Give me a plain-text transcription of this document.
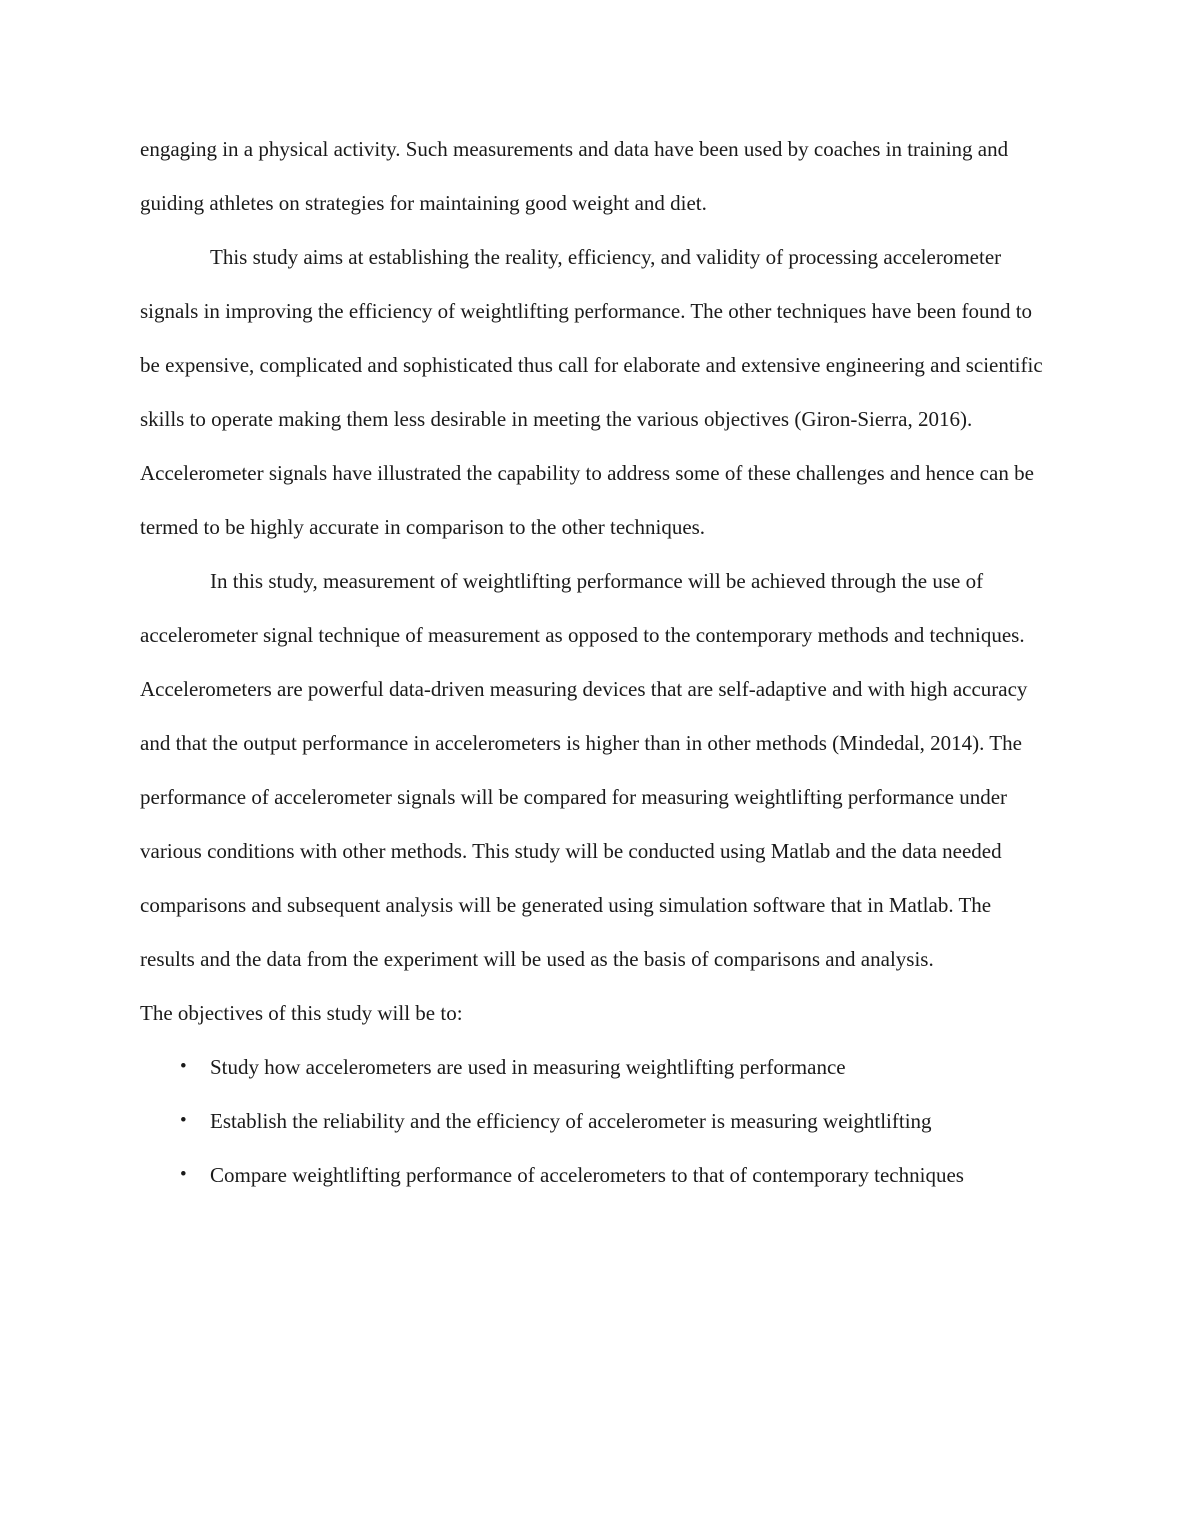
engaging in a physical activity. Such measurements and data have been used by coaches in training and guiding athletes on strategies for maintaining good weight and diet.

This study aims at establishing the reality, efficiency, and validity of processing accelerometer signals in improving the efficiency of weightlifting performance. The other techniques have been found to be expensive, complicated and sophisticated thus call for elaborate and extensive engineering and scientific skills to operate making them less desirable in meeting the various objectives (Giron-Sierra, 2016). Accelerometer signals have illustrated the capability to address some of these challenges and hence can be termed to be highly accurate in comparison to the other techniques.

In this study, measurement of weightlifting performance will be achieved through the use of accelerometer signal technique of measurement as opposed to the contemporary methods and techniques. Accelerometers are powerful data-driven measuring devices that are self-adaptive and with high accuracy and that the output performance in accelerometers is higher than in other methods (Mindedal, 2014). The performance of accelerometer signals will be compared for measuring weightlifting performance under various conditions with other methods. This study will be conducted using Matlab and the data needed comparisons and subsequent analysis will be generated using simulation software that in Matlab. The results and the data from the experiment will be used as the basis of comparisons and analysis.

The objectives of this study will be to:

• Study how accelerometers are used in measuring weightlifting performance
• Establish the reliability and the efficiency of accelerometer is measuring weightlifting
• Compare weightlifting performance of accelerometers to that of contemporary techniques
